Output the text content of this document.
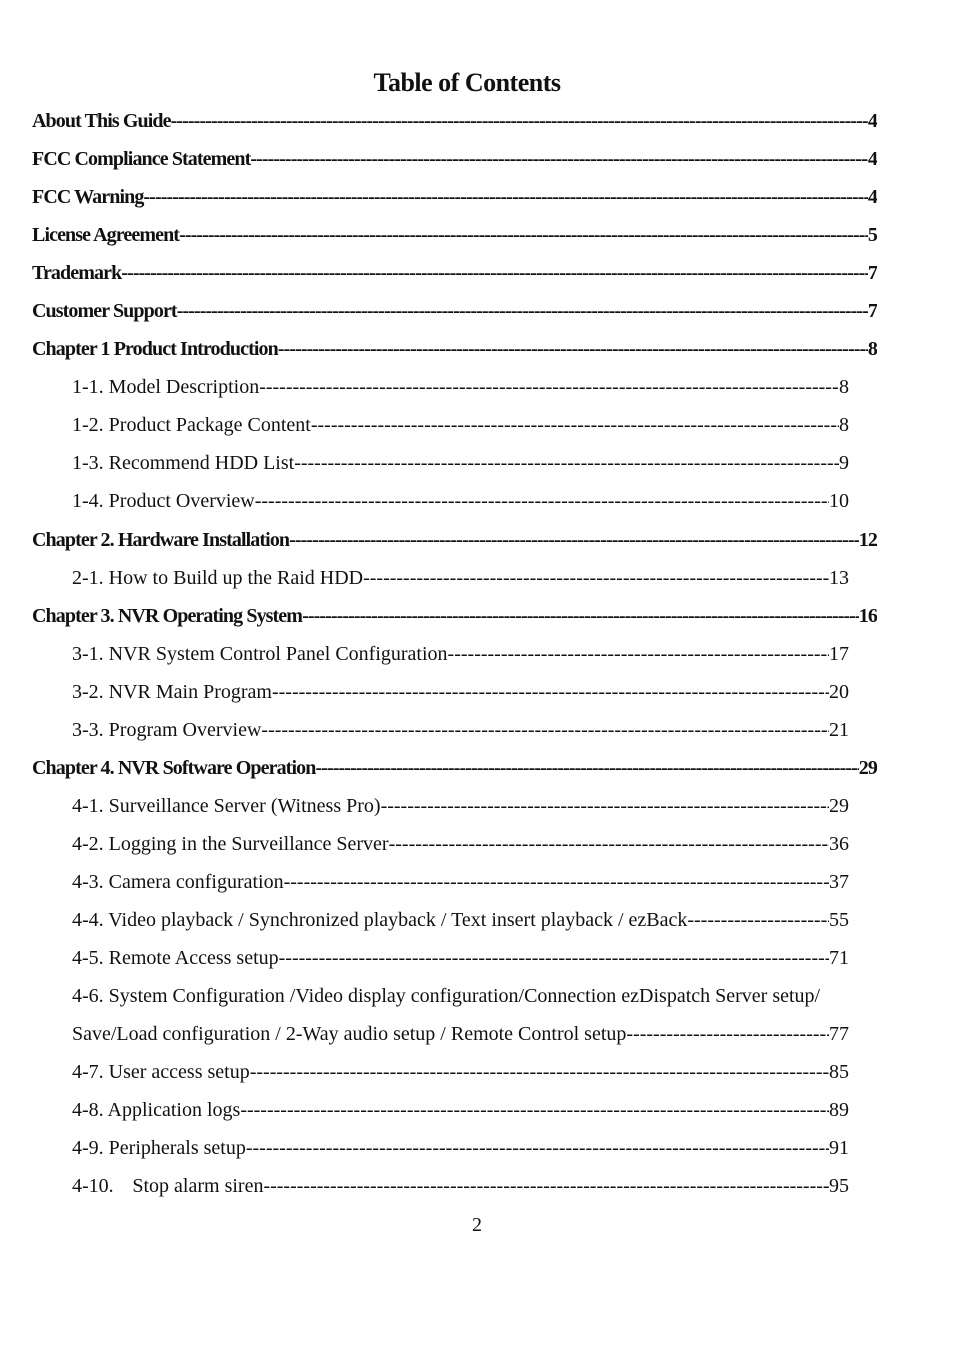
Table of Contents
About This Guide -----	4
FCC Compliance Statement -----	4
FCC Warning -----	4
License Agreement -----	5
Trademark -----	7
Customer Support -----	7
Chapter 1 Product Introduction -----	8
1-1. Model Description -----	8
1-2. Product Package Content -----	8
1-3. Recommend HDD List -----	9
1-4. Product Overview -----	10
Chapter 2. Hardware Installation -----	12
2-1. How to Build up the Raid HDD -----	13
Chapter 3. NVR Operating System -----	16
3-1. NVR System Control Panel Configuration -----	17
3-2. NVR Main Program -----	20
3-3. Program Overview -----	21
Chapter 4. NVR Software Operation -----	29
4-1. Surveillance Server (Witness Pro) -----	29
4-2. Logging in the Surveillance Server -----	36
4-3. Camera configuration -----	37
4-4. Video playback / Synchronized playback / Text insert playback / ezBack -----	55
4-5. Remote Access setup -----	71
4-6. System Configuration /Video display configuration/Connection ezDispatch Server setup/
Save/Load configuration / 2-Way audio setup / Remote Control setup -----	77
4-7. User access setup -----	85
4-8. Application logs -----	89
4-9. Peripherals setup -----	91
4-10. Stop alarm siren -----	95
2
